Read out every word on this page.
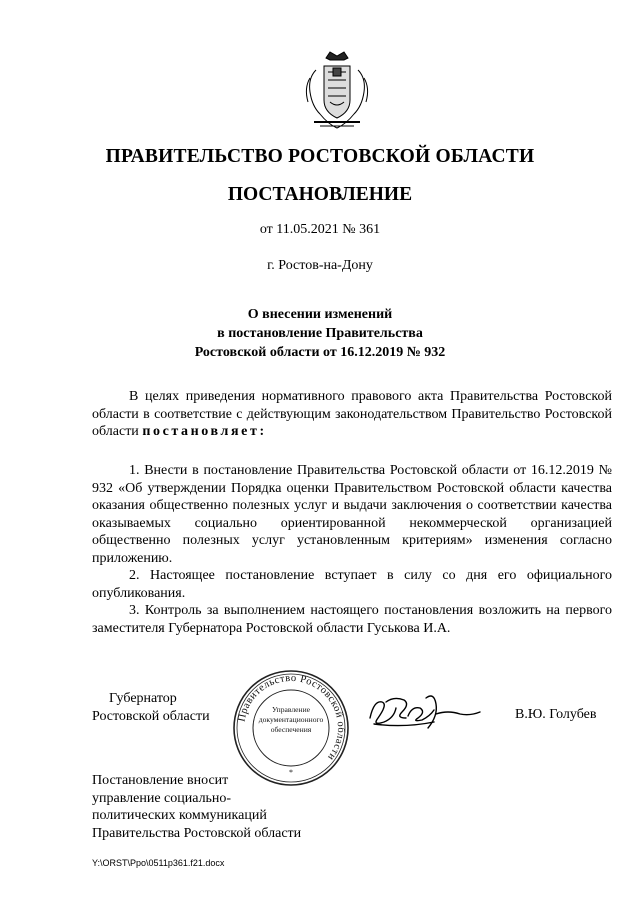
ПРАВИТЕЛЬСТВО РОСТОВСКОЙ ОБЛАСТИ
ПОСТАНОВЛЕНИЕ
от 11.05.2021 № 361
г. Ростов-на-Дону
О внесении изменений
в постановление Правительства
Ростовской области от 16.12.2019 № 932

В целях приведения нормативного правового акта Правительства Ростовской области в соответствие с действующим законодательством Правительство Ростовской области постановляет:

1. Внести в постановление Правительства Ростовской области от 16.12.2019 № 932 «Об утверждении Порядка оценки Правительством Ростовской области качества оказания общественно полезных услуг и выдачи заключения о соответствии качества оказываемых социально ориентированной некоммерческой организацией общественно полезных услуг установленным критериям» изменения согласно приложению.

2. Настоящее постановление вступает в силу со дня его официального опубликования.

3. Контроль за выполнением настоящего постановления возложить на первого заместителя Губернатора Ростовской области Гуськова И.А.

Губернатор
Ростовской области	Правительство Ростовской области
Управление документационного обеспечения
*
В.Ю. Голубев
Постановление вносит
управление социально-
политических коммуникаций
Правительства Ростовской области
Y:\ORST\Ppo\0511p361.f21.docx
